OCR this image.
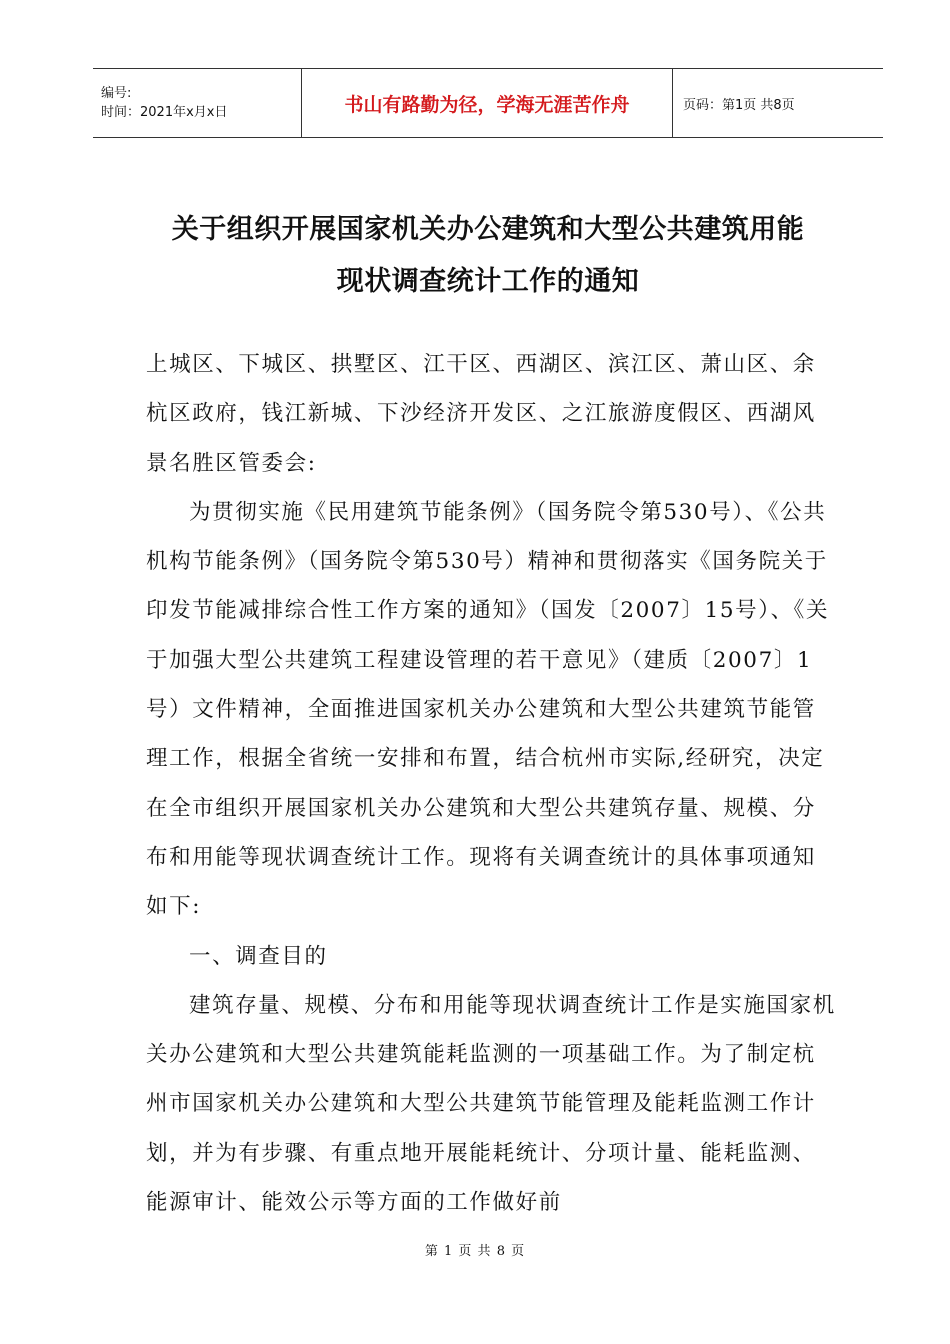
编号:
时间：2021年x月x日	书山有路勤为径，学海无涯苦作舟	页码：第1页 共8页
关于组织开展国家机关办公建筑和大型公共建筑用能
现状调查统计工作的通知

上城区、下城区、拱墅区、江干区、西湖区、滨江区、萧山区、余杭区政府，钱江新城、下沙经济开发区、之江旅游度假区、西湖风景名胜区管委会:

为贯彻实施《民用建筑节能条例》（国务院令第530号）、《公共机构节能条例》（国务院令第530号）精神和贯彻落实《国务院关于印发节能减排综合性工作方案的通知》（国发〔2007〕15号）、《关于加强大型公共建筑工程建设管理的若干意见》（建质〔2007〕1号）文件精神，全面推进国家机关办公建筑和大型公共建筑节能管理工作，根据全省统一安排和布置，结合杭州市实际,经研究，决定在全市组织开展国家机关办公建筑和大型公共建筑存量、规模、分布和用能等现状调查统计工作。现将有关调查统计的具体事项通知如下:

一、调查目的

建筑存量、规模、分布和用能等现状调查统计工作是实施国家机关办公建筑和大型公共建筑能耗监测的一项基础工作。为了制定杭州市国家机关办公建筑和大型公共建筑节能管理及能耗监测工作计划，并为有步骤、有重点地开展能耗统计、分项计量、能耗监测、能源审计、能效公示等方面的工作做好前

第 1 页 共 8 页
